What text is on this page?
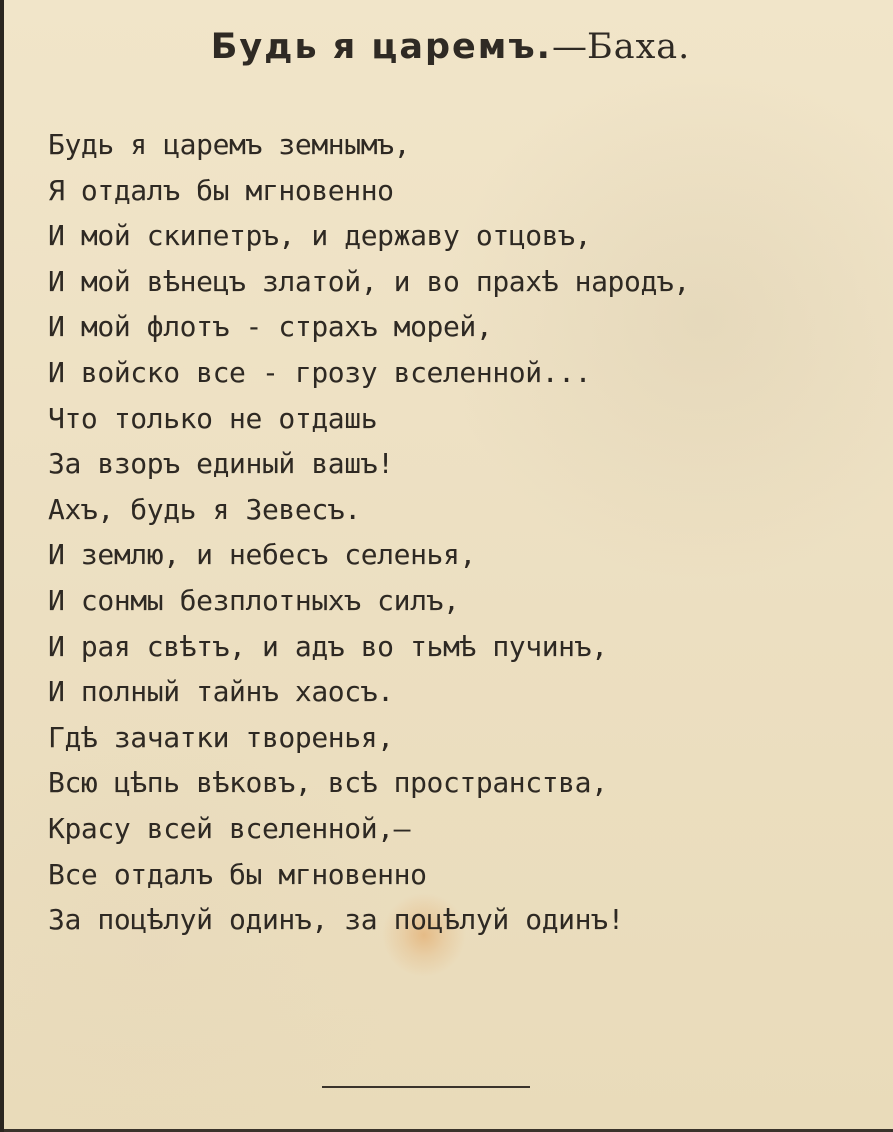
Будь я царемъ.—Баха.
Будь я царемъ земнымъ,
Я отдалъ бы мгновенно
И мой скипетръ, и державу отцовъ,
И мой вѣнецъ златой, и во прахѣ народъ,
И мой флотъ - страхъ морей,
И войско все - грозу вселенной...
Что только не отдашь
За взоръ единый вашъ!
Ахъ, будь я Зевесъ.
И землю, и небесъ селенья,
И сонмы безплотныхъ силъ,
И рая свѣтъ, и адъ во тьмѣ пучинъ,
И полный тайнъ хаосъ.
Гдѣ зачатки творенья,
Всю цѣпь вѣковъ, всѣ пространства,
Красу всей вселенной,—
Все отдалъ бы мгновенно
За поцѣлуй одинъ, за поцѣлуй одинъ!
